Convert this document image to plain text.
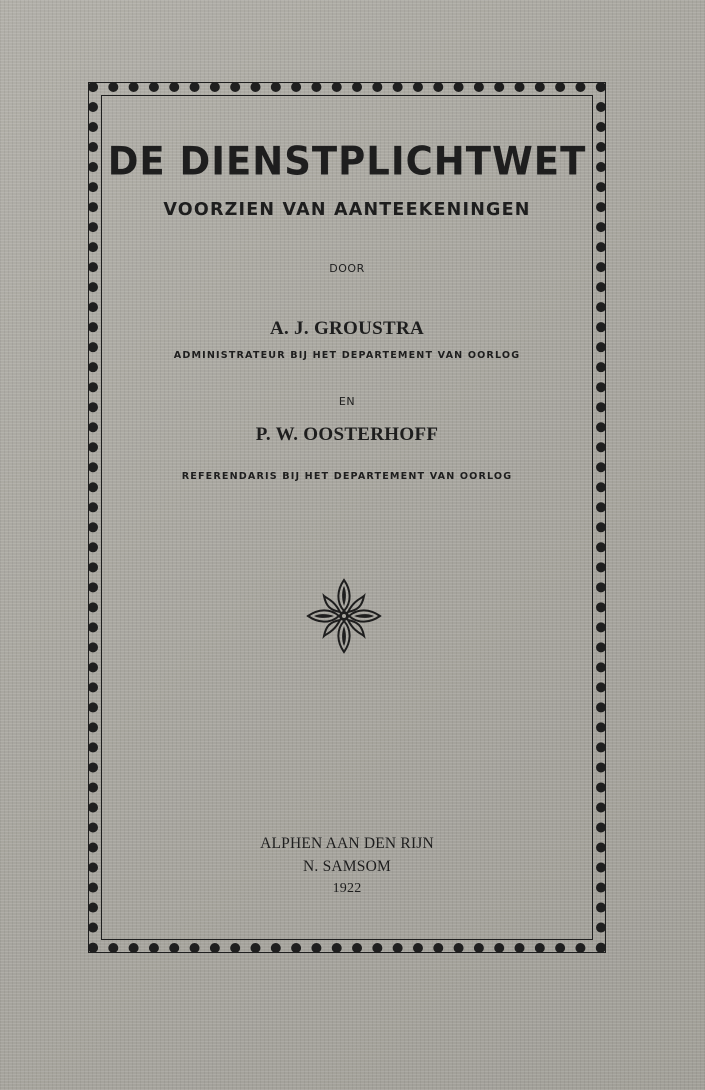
DE DIENSTPLICHTWET
VOORZIEN VAN AANTEEKENINGEN
DOOR
A. J. GROUSTRA
ADMINISTRATEUR BIJ HET DEPARTEMENT VAN OORLOG
EN
P. W. OOSTERHOFF
REFERENDARIS BIJ HET DEPARTEMENT VAN OORLOG
ALPHEN AAN DEN RIJN
N. SAMSOM
1922
